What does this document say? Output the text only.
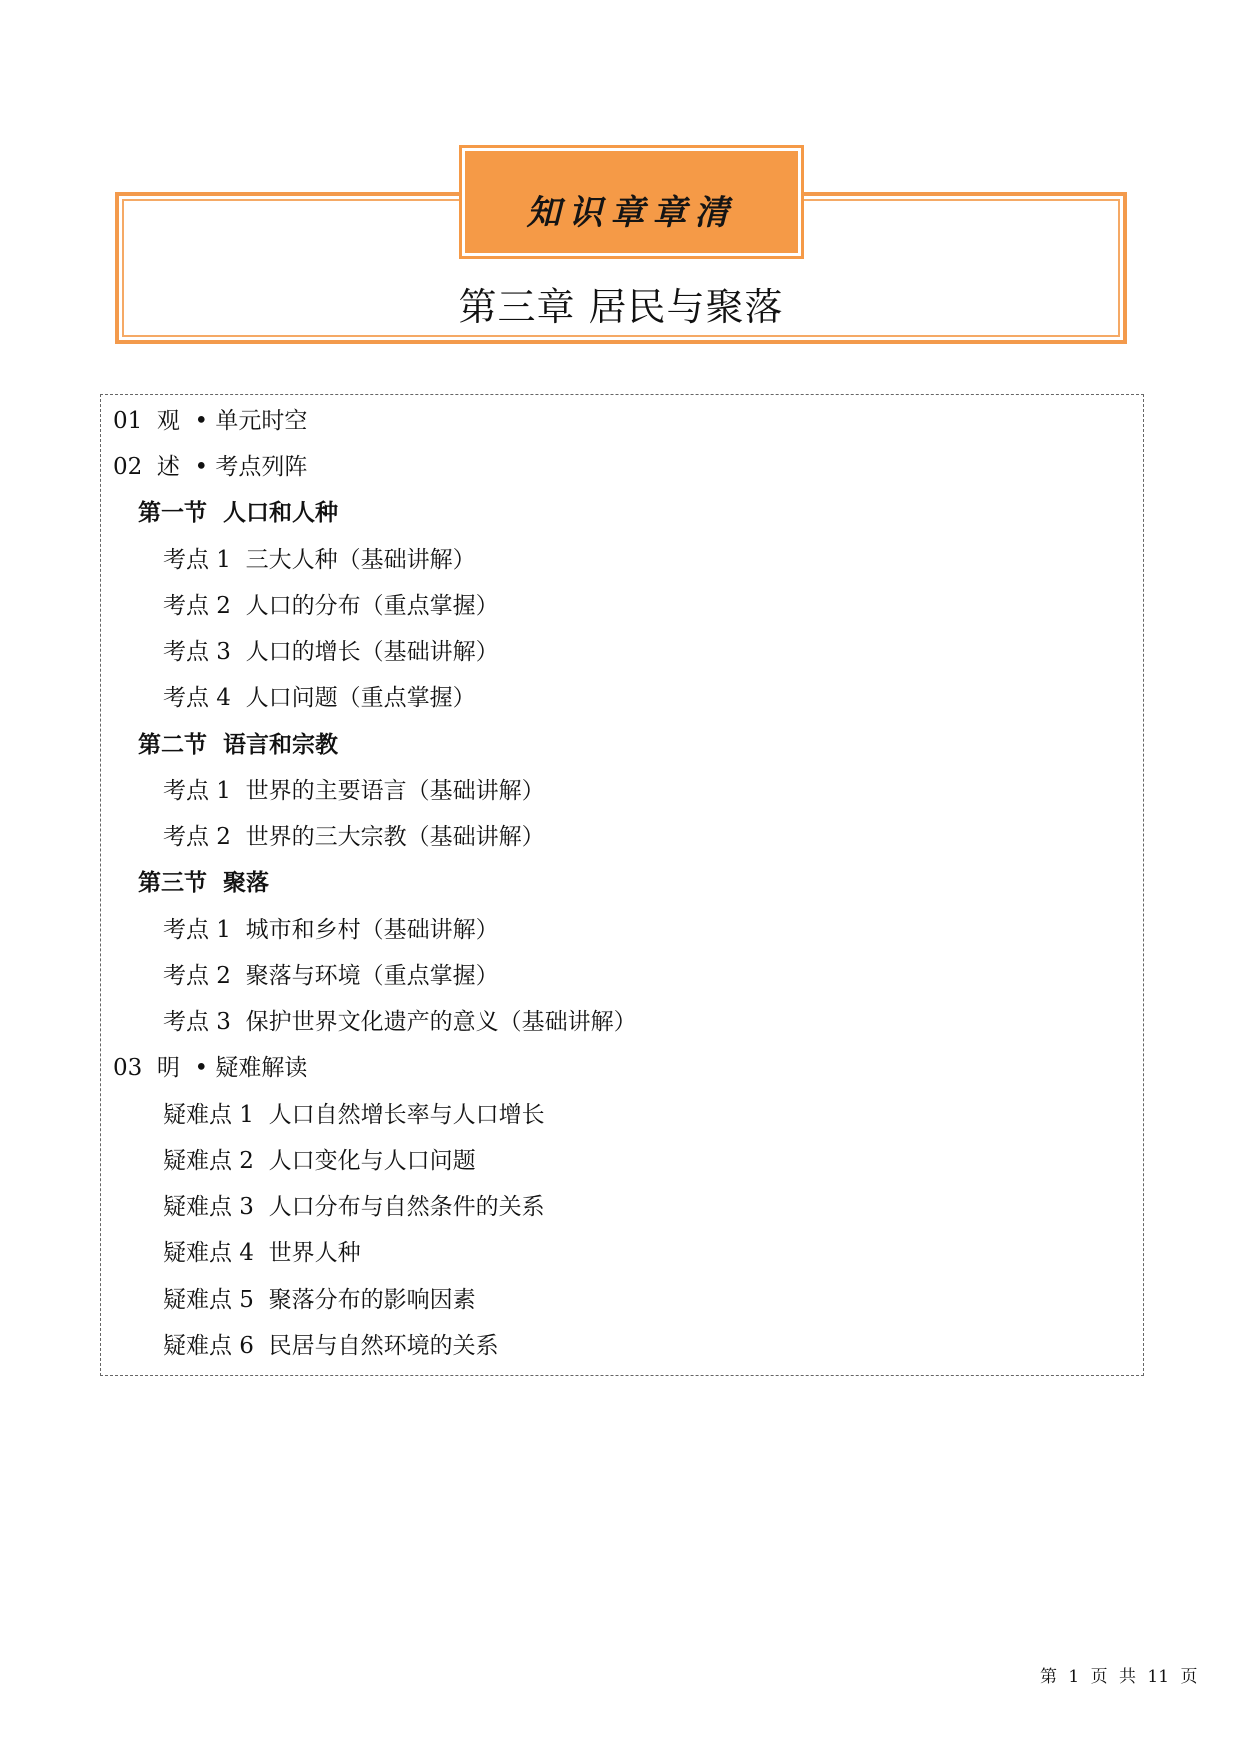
知识章章清
第三章 居民与聚落
01  观  • 单元时空
02  述  • 考点列阵
第一节  人口和人种
考点 1  三大人种（基础讲解）
考点 2  人口的分布（重点掌握）
考点 3  人口的增长（基础讲解）
考点 4  人口问题（重点掌握）
第二节  语言和宗教
考点 1  世界的主要语言（基础讲解）
考点 2  世界的三大宗教（基础讲解）
第三节  聚落
考点 1  城市和乡村（基础讲解）
考点 2  聚落与环境（重点掌握）
考点 3  保护世界文化遗产的意义（基础讲解）
03  明  • 疑难解读
疑难点 1  人口自然增长率与人口增长
疑难点 2  人口变化与人口问题
疑难点 3  人口分布与自然条件的关系
疑难点 4  世界人种
疑难点 5  聚落分布的影响因素
疑难点 6  民居与自然环境的关系
第 1 页 共 11 页
